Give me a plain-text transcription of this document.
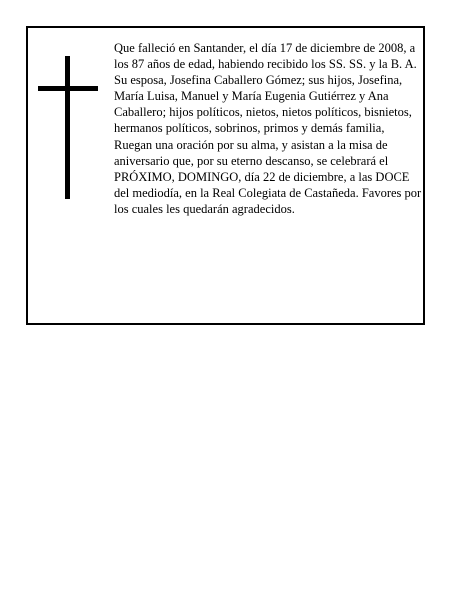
Que falleció en Santander, el día 17 de diciembre de 2008, a los 87 años de edad, habiendo recibido los SS. SS. y la B. A.

Su esposa, Josefina Caballero Gómez; sus hijos, Josefina, María Luisa, Manuel y María Eugenia Gutiérrez y Ana Caballero; hijos políticos, nietos, nietos políticos, bisnietos, hermanos políticos, sobrinos, primos y demás familia,

Ruegan una oración por su alma, y asistan a la misa de aniversario que, por su eterno descanso, se celebrará el PRÓXIMO, DOMINGO, día 22 de diciembre, a las DOCE del mediodía, en la Real Colegiata de Castañeda. Favores por los cuales les quedarán agradecidos.
